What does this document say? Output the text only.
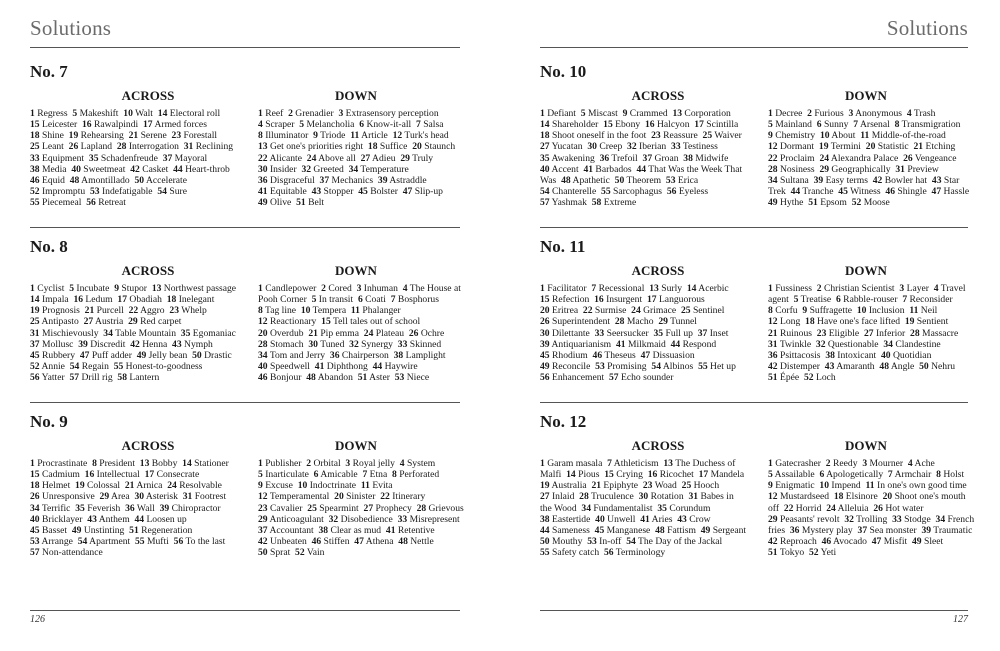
Solutions	Solutions
126	127
No. 7
ACROSS	DOWN
1 Regress  5 Makeshift  10 Walt  14 Electoral roll
15 Leicester  16 Rawalpindi  17 Armed forces
18 Shine  19 Rehearsing  21 Serene  23 Forestall
25 Leant  26 Lapland  28 Interrogation  31 Reclining
33 Equipment  35 Schadenfreude  37 Mayoral
38 Media  40 Sweetmeat  42 Casket  44 Heart-throb
46 Equid  48 Amontillado  50 Accelerate
52 Impromptu  53 Indefatigable  54 Sure
55 Piecemeal  56 Retreat
1 Reef  2 Grenadier  3 Extrasensory perception
4 Scraper  5 Melancholia  6 Know-it-all  7 Salsa
8 Illuminator  9 Triode  11 Article  12 Turk's head
13 Get one's priorities right  18 Suffice  20 Staunch
22 Alicante  24 Above all  27 Adieu  29 Truly
30 Insider  32 Greeted  34 Temperature
36 Disgraceful  37 Mechanics  39 Astraddle
41 Equitable  43 Stopper  45 Bolster  47 Slip-up
49 Olive  51 Belt
No. 8
ACROSS	DOWN
1 Cyclist  5 Incubate  9 Stupor  13 Northwest passage
14 Impala  16 Ledum  17 Obadiah  18 Inelegant
19 Prognosis  21 Purcell  22 Aggro  23 Whelp
25 Antipasto  27 Austria  29 Red carpet
31 Mischievously  34 Table Mountain  35 Egomaniac
37 Mollusc  39 Discredit  42 Henna  43 Nymph
45 Rubbery  47 Puff adder  49 Jelly bean  50 Drastic
52 Annie  54 Regain  55 Honest-to-goodness
56 Yatter  57 Drill rig  58 Lantern
1 Candlepower  2 Cored  3 Inhuman  4 The House at
Pooh Corner  5 In transit  6 Coati  7 Bosphorus
8 Tag line  10 Tempera  11 Phalanger
12 Reactionary  15 Tell tales out of school
20 Overdub  21 Pip emma  24 Plateau  26 Ochre
28 Stomach  30 Tuned  32 Synergy  33 Skinned
34 Tom and Jerry  36 Chairperson  38 Lamplight
40 Speedwell  41 Diphthong  44 Haywire
46 Bonjour  48 Abandon  51 Aster  53 Niece
No. 9
ACROSS	DOWN
1 Procrastinate  8 President  13 Bobby  14 Stationer
15 Cadmium  16 Intellectual  17 Consecrate
18 Helmet  19 Colossal  21 Arnica  24 Resolvable
26 Unresponsive  29 Area  30 Asterisk  31 Footrest
34 Terrific  35 Feverish  36 Wall  39 Chiropractor
40 Bricklayer  43 Anthem  44 Loosen up
45 Basset  49 Unstinting  51 Regeneration
53 Arrange  54 Apartment  55 Mufti  56 To the last
57 Non-attendance
1 Publisher  2 Orbital  3 Royal jelly  4 System
5 Inarticulate  6 Amicable  7 Etna  8 Perforated
9 Excuse  10 Indoctrinate  11 Evita
12 Temperamental  20 Sinister  22 Itinerary
23 Cavalier  25 Spearmint  27 Prophecy  28 Grievous
29 Anticoagulant  32 Disobedience  33 Misrepresent
37 Accountant  38 Clear as mud  41 Retentive
42 Unbeaten  46 Stiffen  47 Athena  48 Nettle
50 Sprat  52 Vain
No. 10
ACROSS	DOWN
1 Defiant  5 Miscast  9 Crammed  13 Corporation
14 Shareholder  15 Ebony  16 Halcyon  17 Scintilla
18 Shoot oneself in the foot  23 Reassure  25 Waiver
27 Yucatan  30 Creep  32 Iberian  33 Testiness
35 Awakening  36 Trefoil  37 Groan  38 Midwife
40 Accent  41 Barbados  44 That Was the Week That
Was  48 Apathetic  50 Theorem  53 Erica
54 Chanterelle  55 Sarcophagus  56 Eyeless
57 Yashmak  58 Extreme
1 Decree  2 Furious  3 Anonymous  4 Trash
5 Mainland  6 Sunny  7 Arsenal  8 Transmigration
9 Chemistry  10 About  11 Middle-of-the-road
12 Dormant  19 Termini  20 Statistic  21 Etching
22 Proclaim  24 Alexandra Palace  26 Vengeance
28 Nosiness  29 Geographically  31 Preview
34 Sultana  39 Easy terms  42 Bowler hat  43 Star
Trek  44 Tranche  45 Witness  46 Shingle  47 Hassle
49 Hythe  51 Epsom  52 Moose
No. 11
ACROSS	DOWN
1 Facilitator  7 Recessional  13 Surly  14 Acerbic
15 Refection  16 Insurgent  17 Languorous
20 Eritrea  22 Surmise  24 Grimace  25 Sentinel
26 Superintendent  28 Macho  29 Tunnel
30 Dilettante  33 Seersucker  35 Full up  37 Inset
39 Antiquarianism  41 Milkmaid  44 Respond
45 Rhodium  46 Theseus  47 Dissuasion
49 Reconcile  53 Promising  54 Albinos  55 Het up
56 Enhancement  57 Echo sounder
1 Fussiness  2 Christian Scientist  3 Layer  4 Travel
agent  5 Treatise  6 Rabble-rouser  7 Reconsider
8 Corfu  9 Suffragette  10 Inclusion  11 Neil
12 Long  18 Have one's face lifted  19 Sentient
21 Ruinous  23 Eligible  27 Inferior  28 Massacre
31 Twinkle  32 Questionable  34 Clandestine
36 Psittacosis  38 Intoxicant  40 Quotidian
42 Distemper  43 Amaranth  48 Angle  50 Nehru
51 Épée  52 Loch
No. 12
ACROSS	DOWN
1 Garam masala  7 Athleticism  13 The Duchess of
Malfi  14 Pious  15 Crying  16 Ricochet  17 Mandela
19 Australia  21 Epiphyte  23 Woad  25 Hooch
27 Inlaid  28 Truculence  30 Rotation  31 Babes in
the Wood  34 Fundamentalist  35 Corundum
38 Eastertide  40 Unwell  41 Aries  43 Crow
44 Sameness  45 Manganese  48 Fattism  49 Sergeant
50 Mouthy  53 In-off  54 The Day of the Jackal
55 Safety catch  56 Terminology
1 Gatecrasher  2 Reedy  3 Mourner  4 Ache
5 Assailable  6 Apologetically  7 Armchair  8 Holst
9 Enigmatic  10 Impend  11 In one's own good time
12 Mustardseed  18 Elsinore  20 Shoot one's mouth
off  22 Horrid  24 Alleluia  26 Hot water
29 Peasants' revolt  32 Trolling  33 Stodge  34 French
fries  36 Mystery play  37 Sea monster  39 Traumatic
42 Reproach  46 Avocado  47 Misfit  49 Sleet
51 Tokyo  52 Yeti
